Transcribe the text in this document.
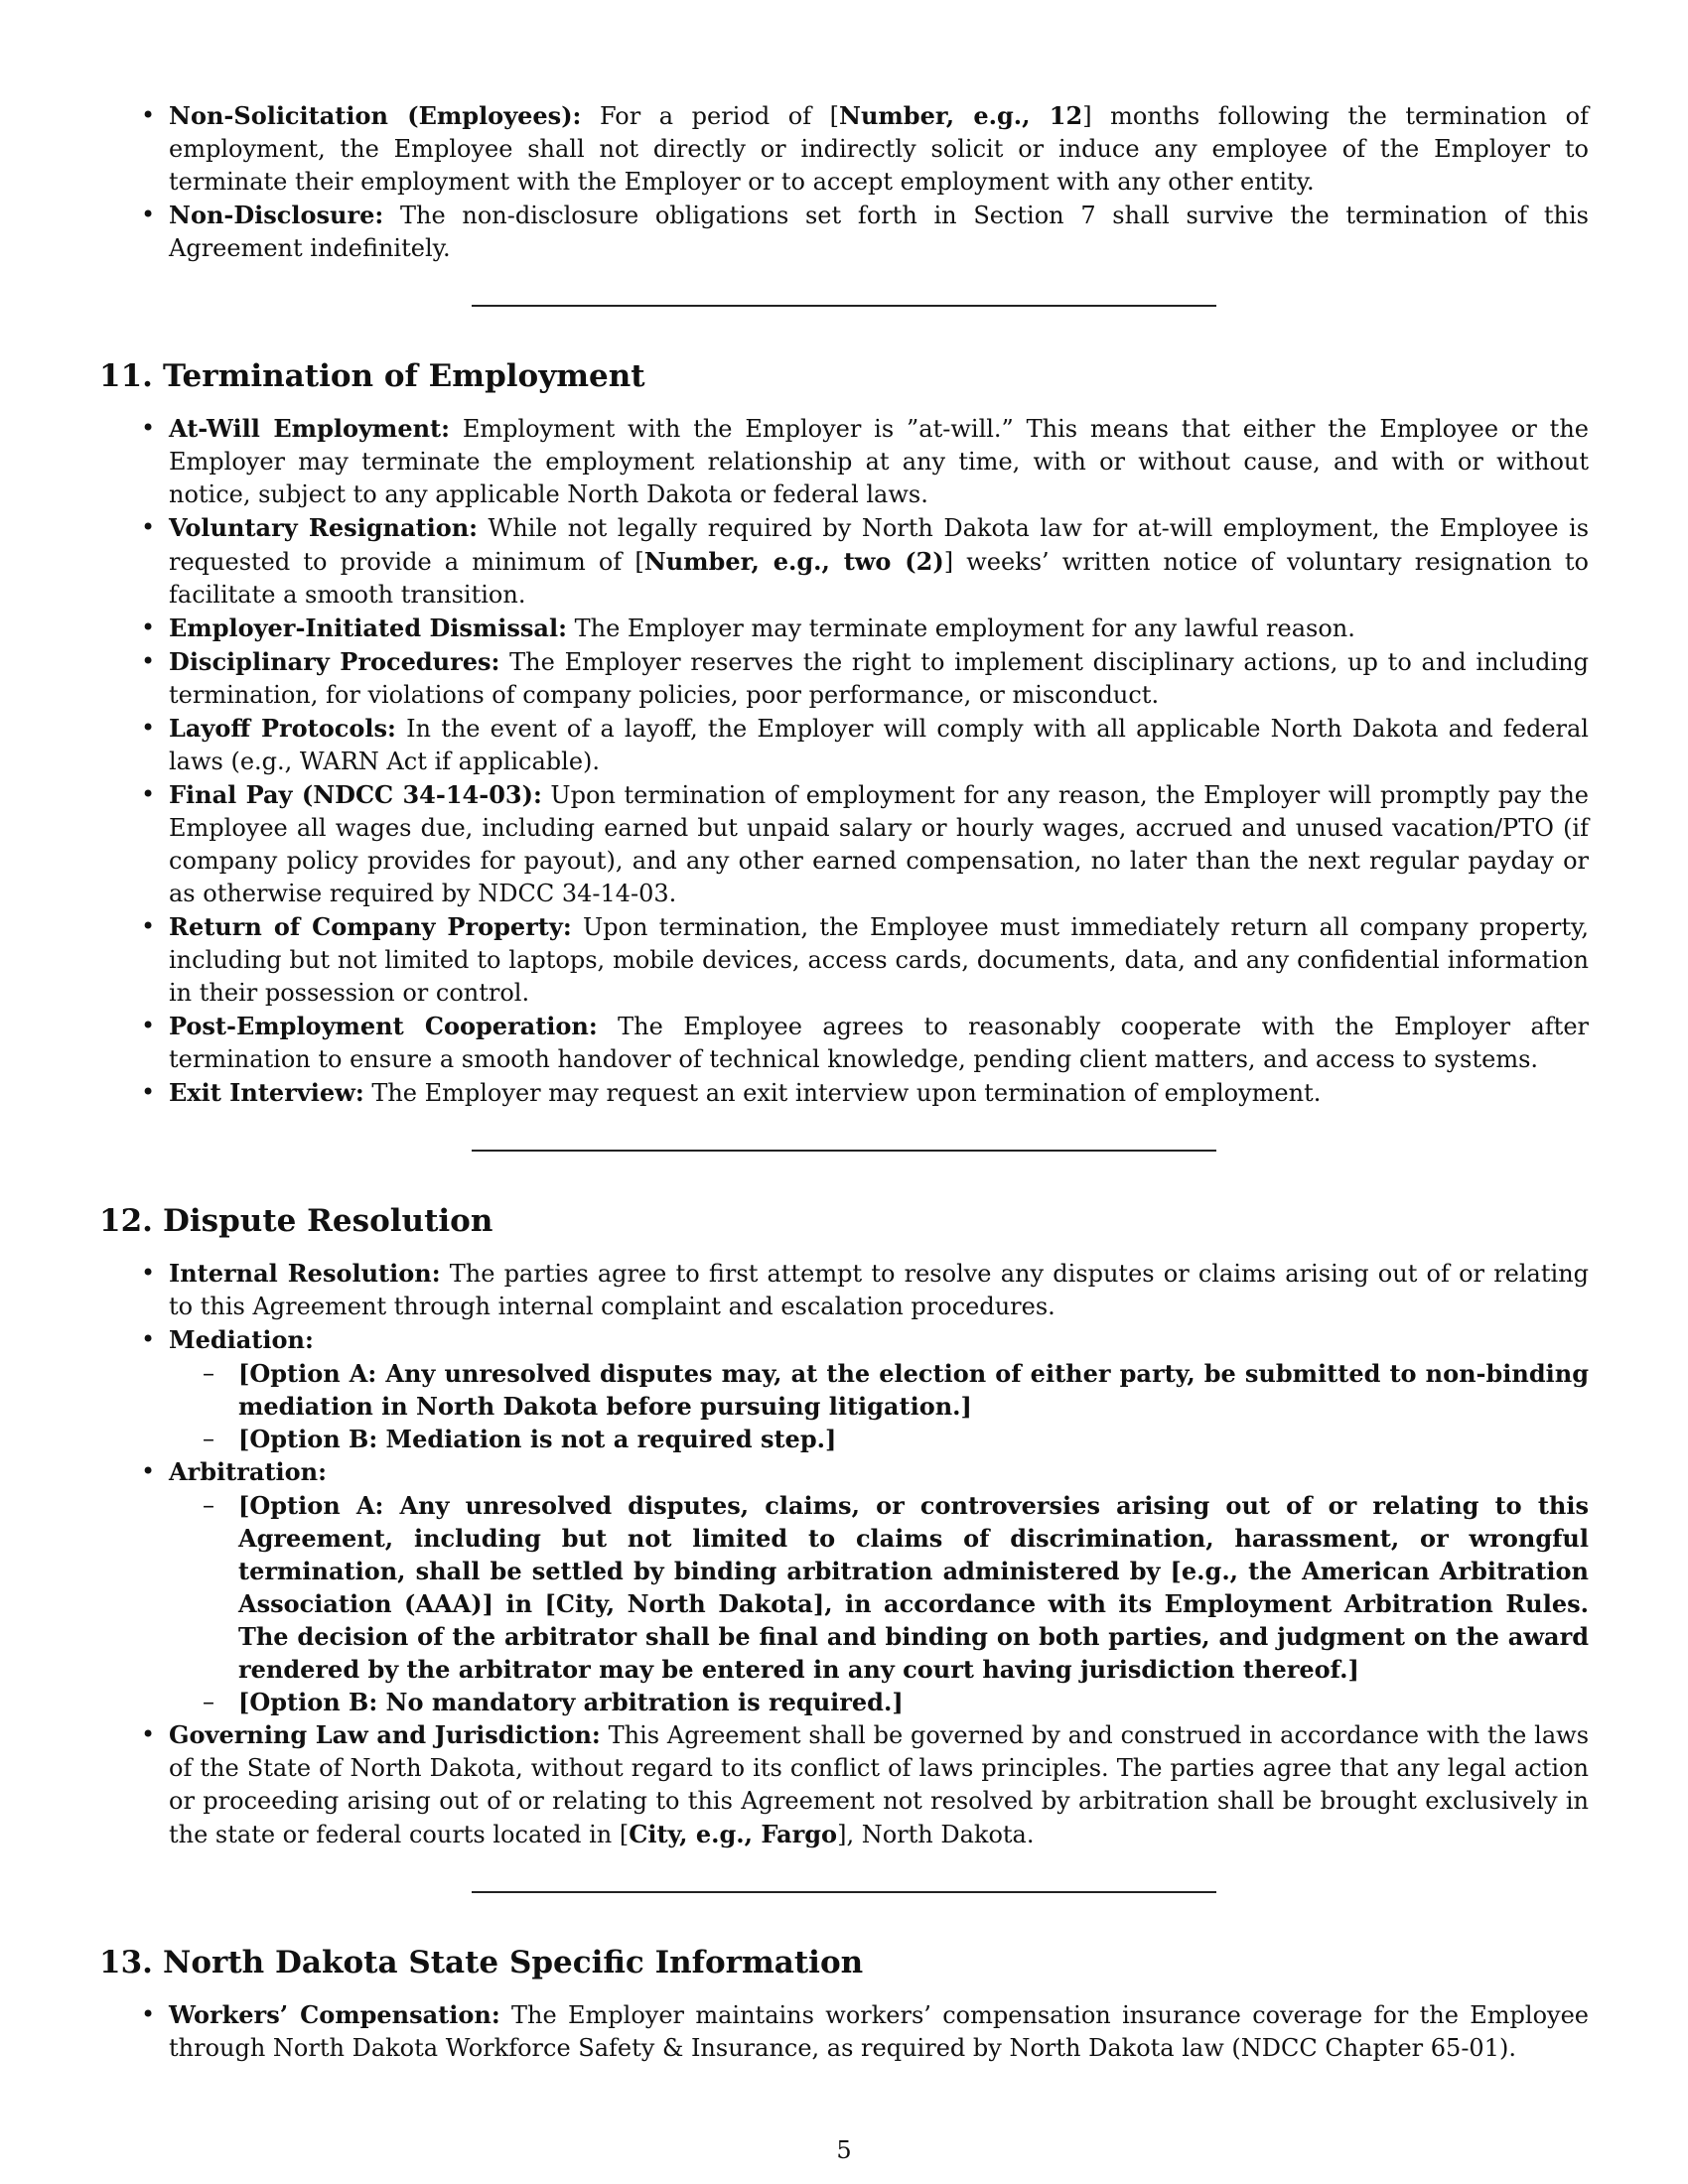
• Non-Solicitation (Employees): For a period of [Number, e.g., 12] months following the termination of employment, the Employee shall not directly or indirectly solicit or induce any employee of the Employer to terminate their employment with the Employer or to accept employment with any other entity.
• Non-Disclosure: The non-disclosure obligations set forth in Section 7 shall survive the termination of this Agreement indefinitely.
11. Termination of Employment
• At-Will Employment: Employment with the Employer is ”at-will.” This means that either the Employee or the Employer may terminate the employment relationship at any time, with or without cause, and with or without notice, subject to any applicable North Dakota or federal laws.
• Voluntary Resignation: While not legally required by North Dakota law for at-will employment, the Employee is requested to provide a minimum of [Number, e.g., two (2)] weeks’ written notice of voluntary resignation to facilitate a smooth transition.
• Employer-Initiated Dismissal: The Employer may terminate employment for any lawful reason.
• Disciplinary Procedures: The Employer reserves the right to implement disciplinary actions, up to and including termination, for violations of company policies, poor performance, or misconduct.
• Layoff Protocols: In the event of a layoff, the Employer will comply with all applicable North Dakota and federal laws (e.g., WARN Act if applicable).
• Final Pay (NDCC 34-14-03): Upon termination of employment for any reason, the Employer will promptly pay the Employee all wages due, including earned but unpaid salary or hourly wages, accrued and unused vacation/PTO (if company policy provides for payout), and any other earned compensation, no later than the next regular payday or as otherwise required by NDCC 34-14-03.
• Return of Company Property: Upon termination, the Employee must immediately return all company property, including but not limited to laptops, mobile devices, access cards, documents, data, and any confidential information in their possession or control.
• Post-Employment Cooperation: The Employee agrees to reasonably cooperate with the Employer after termination to ensure a smooth handover of technical knowledge, pending client matters, and access to systems.
• Exit Interview: The Employer may request an exit interview upon termination of employment.
12. Dispute Resolution
• Internal Resolution: The parties agree to first attempt to resolve any disputes or claims arising out of or relating to this Agreement through internal complaint and escalation procedures.
• Mediation:
– [Option A: Any unresolved disputes may, at the election of either party, be submitted to non-binding mediation in North Dakota before pursuing litigation.]
– [Option B: Mediation is not a required step.]
• Arbitration:
– [Option A: Any unresolved disputes, claims, or controversies arising out of or relating to this Agreement, including but not limited to claims of discrimination, harassment, or wrongful termination, shall be settled by binding arbitration administered by [e.g., the American Arbitration Association (AAA)] in [City, North Dakota], in accordance with its Employment Arbitration Rules. The decision of the arbitrator shall be final and binding on both parties, and judgment on the award rendered by the arbitrator may be entered in any court having jurisdiction thereof.]
– [Option B: No mandatory arbitration is required.]
• Governing Law and Jurisdiction: This Agreement shall be governed by and construed in accordance with the laws of the State of North Dakota, without regard to its conflict of laws principles. The parties agree that any legal action or proceeding arising out of or relating to this Agreement not resolved by arbitration shall be brought exclusively in the state or federal courts located in [City, e.g., Fargo], North Dakota.
13. North Dakota State Specific Information
• Workers’ Compensation: The Employer maintains workers’ compensation insurance coverage for the Employee through North Dakota Workforce Safety & Insurance, as required by North Dakota law (NDCC Chapter 65-01).
5
